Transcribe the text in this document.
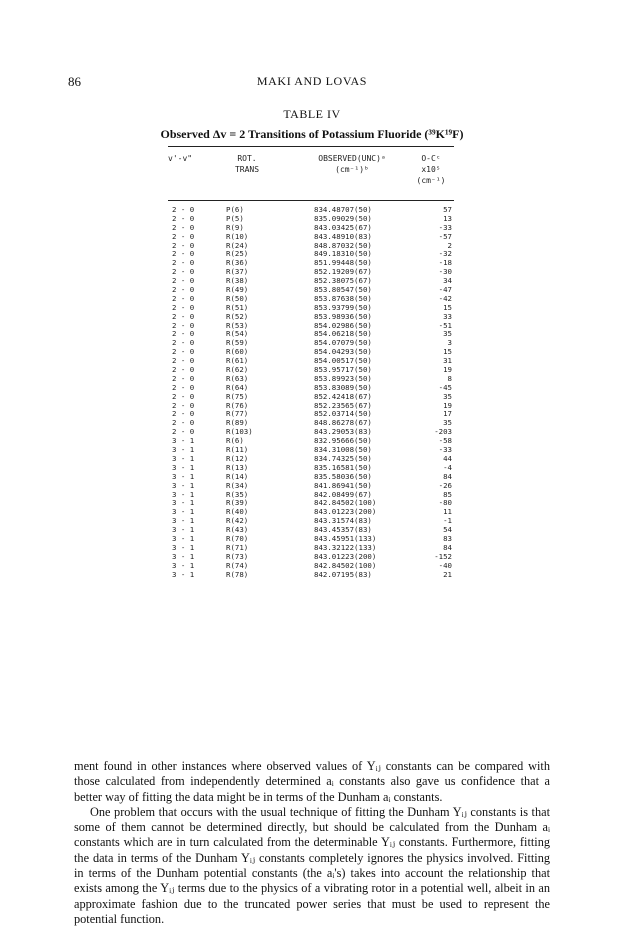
86	MAKI AND LOVAS
TABLE IV
Observed Δv = 2 Transitions of Potassium Fluoride (³⁹K¹⁹F)
v'-v"	ROT.
TRANS
OBSERVED(UNC)ᵃ
(cm⁻¹)ᵇ
O-Cᶜ
x10⁵
(cm⁻¹)
2 - 0	P(6)	834.48707(50)	57
2 - 0	P(5)	835.09029(50)	13
2 - 0	R(9)	843.03425(67)	-33
2 - 0	R(10)	843.48910(83)	-57
2 - 0	R(24)	848.87032(50)	2
2 - 0	R(25)	849.18310(50)	-32
2 - 0	R(36)	851.99448(50)	-18
2 - 0	R(37)	852.19209(67)	-30
2 - 0	R(38)	852.38075(67)	34
2 - 0	R(49)	853.80547(50)	-47
2 - 0	R(50)	853.87638(50)	-42
2 - 0	R(51)	853.93799(50)	15
2 - 0	R(52)	853.98936(50)	33
2 - 0	R(53)	854.02986(50)	-51
2 - 0	R(54)	854.06218(50)	35
2 - 0	R(59)	854.07079(50)	3
2 - 0	R(60)	854.04293(50)	15
2 - 0	R(61)	854.00517(50)	31
2 - 0	R(62)	853.95717(50)	19
2 - 0	R(63)	853.89923(50)	8
2 - 0	R(64)	853.83089(50)	-45
2 - 0	R(75)	852.42418(67)	35
2 - 0	R(76)	852.23565(67)	19
2 - 0	R(77)	852.03714(50)	17
2 - 0	R(89)	848.86278(67)	35
2 - 0	R(103)	843.29053(83)	-203
3 - 1	R(6)	832.95666(50)	-58
3 - 1	R(11)	834.31008(50)	-33
3 - 1	R(12)	834.74325(50)	44
3 - 1	R(13)	835.16581(50)	-4
3 - 1	R(14)	835.58036(50)	84
3 - 1	R(34)	841.86941(50)	-26
3 - 1	R(35)	842.08499(67)	85
3 - 1	R(39)	842.84502(100)	-80
3 - 1	R(40)	843.01223(200)	11
3 - 1	R(42)	843.31574(83)	-1
3 - 1	R(43)	843.45357(83)	54
3 - 1	R(70)	843.45951(133)	83
3 - 1	R(71)	843.32122(133)	84
3 - 1	R(73)	843.01223(200)	-152
3 - 1	R(74)	842.84502(100)	-40
3 - 1	R(78)	842.07195(83)	21

ment found in other instances where observed values of Yᵢⱼ constants can be compared with those calculated from independently determined aᵢ constants also gave us confidence that a better way of fitting the data might be in terms of the Dunham aᵢ constants.

One problem that occurs with the usual technique of fitting the Dunham Yᵢⱼ constants is that some of them cannot be determined directly, but should be calculated from the Dunham aᵢ constants which are in turn calculated from the determinable Yᵢⱼ constants. Furthermore, fitting the data in terms of the Dunham Yᵢⱼ constants completely ignores the physics involved. Fitting in terms of the Dunham potential constants (the aᵢ's) takes into account the relationship that exists among the Yᵢⱼ terms due to the physics of a vibrating rotor in a potential well, albeit in an approximate fashion due to the truncated power series that must be used to represent the potential function.
